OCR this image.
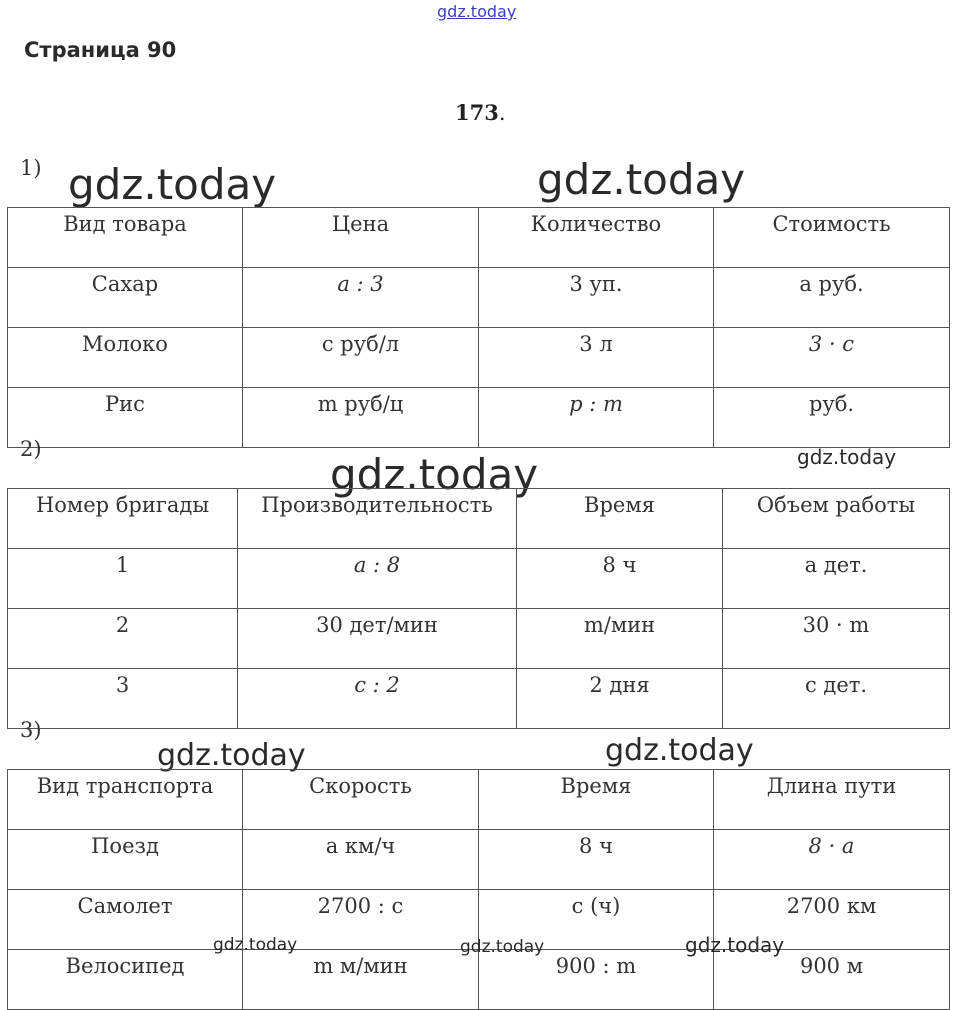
gdz.today
Страница 90
173.
1) gdz.today	gdz.today
Вид товара	Цена	Количество	Стоимость
Сахар	a : 3	3 уп.	a руб.
Молоко	c руб/л	3 л	3 · c
Рис	m руб/ц	p : m	руб.
2)
gdz.today	gdz.today
Номер бригады	Производительность	Время	Объем работы
1	a : 8	8 ч	a дет.
2	30 дет/мин	m/мин	30 · m
3	c : 2	2 дня	c дет.
3)
gdz.today	gdz.today
Вид транспорта	Скорость	Время	Длина пути
Поезд	a км/ч	8 ч	8 · a
Самолет	2700 : c	c (ч)	2700 км
Велосипед	m м/мин	900 : m	900 м
gdz.today	gdz.today	gdz.today
